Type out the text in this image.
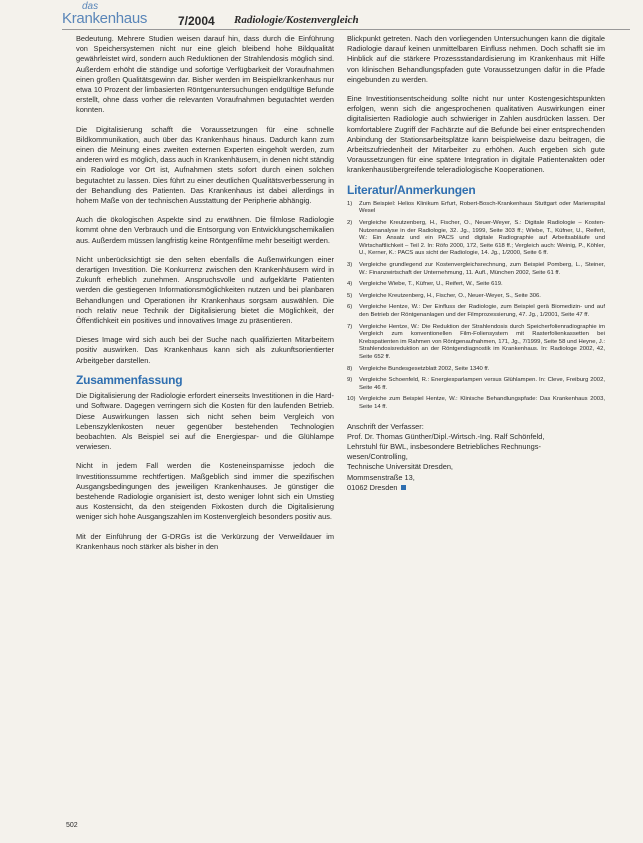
das
Krankenhaus	7/2004 Radiologie/Kostenvergleich

Bedeutung. Mehrere Studien weisen darauf hin, dass durch die Einführung von Speichersystemen nicht nur eine gleich bleibend hohe Bildqualität gewährleistet wird, sondern auch Reduktionen der Strahlendosis möglich sind. Außerdem erhöht die ständige und sofortige Verfügbarkeit der Voraufnahmen einen großen Qualitätsgewinn dar. Bisher werden im Beispielkrankenhaus nur etwa 10 Prozent der limbasierten Röntgenuntersuchungen endgültige Befunde erstellt, ohne dass vorher die relevanten Voraufnahmen begutachtet werden konnten.

Die Digitalisierung schafft die Voraussetzungen für eine schnelle Bildkommunikation, auch über das Krankenhaus hinaus. Dadurch kann zum einen die Meinung eines zweiten externen Experten eingeholt werden, zum anderen wird es möglich, dass auch in Krankenhäusern, in denen nicht ständig ein Radiologe vor Ort ist, Aufnahmen stets sofort durch einen solchen begutachtet zu lassen. Dies führt zu einer deutlichen Qualitätsverbesserung in der Behandlung des Patienten. Das Krankenhaus ist dabei allerdings in hohem Maße von der technischen Ausstattung der Peripherie abhängig.

Auch die ökologischen Aspekte sind zu erwähnen. Die filmlose Radiologie kommt ohne den Verbrauch und die Entsorgung von Entwicklungschemikalien aus. Außerdem müssen langfristig keine Röntgenfilme mehr beseitigt werden.

Nicht unberücksichtigt sie den selten ebenfalls die Außenwirkungen einer derartigen Investition. Die Konkurrenz zwischen den Krankenhäusern wird in Zukunft erheblich zunehmen. Anspruchsvolle und aufgeklärte Patienten werden die gestiegenen Informationsmöglichkeiten nutzen und bei planbaren Behandlungen und Operationen ihr Krankenhaus sorgsam auswählen. Die noch relativ neue Technik der Digitalisierung bietet die Möglichkeit, der Öffentlichkeit ein positives und innovatives Image zu präsentieren.

Dieses Image wird sich auch bei der Suche nach qualifizierten Mitarbeitern positiv auswirken. Das Krankenhaus kann sich als zukunftsorientierter Arbeitgeber darstellen.

Zusammenfassung

Die Digitalisierung der Radiologie erfordert einerseits Investitionen in die Hard- und Software. Dagegen verringern sich die Kosten für den laufenden Betrieb. Diese Auswirkungen lassen sich nicht sehen beim Vergleich von Lebenszyklenkosten neuer gegenüber bestehenden Technologien beobachten. Als Beispiel sei auf die Energiespar- und die Glühlampe verwiesen.

Nicht in jedem Fall werden die Kosteneinsparnisse jedoch die Investitionssumme rechtfertigen. Maßgeblich sind immer die spezifischen Ausgangsbedingungen des jeweiligen Krankenhauses. Je günstiger die bestehende Radiologie organisiert ist, desto weniger lohnt sich ein Umstieg aus Kostensicht, da den steigenden Fixkosten durch die Digitalisierung weniger sich hohe Ausgangszahlen im Kostenvergleich besonders positiv aus.

Mit der Einführung der G-DRGs ist die Verkürzung der Verweildauer im Krankenhaus noch stärker als bisher in den

Blickpunkt getreten. Nach den vorliegenden Untersuchungen kann die digitale Radiologie darauf keinen unmittelbaren Einfluss nehmen. Doch schafft sie im Hinblick auf die stärkere Prozessstandardisierung im Krankenhaus mit Hilfe von klinischen Behandlungspfaden gute Voraussetzungen dafür in die Pfade eingebunden zu werden.

Eine Investitionsentscheidung sollte nicht nur unter Kostengesichtspunkten erfolgen, wenn sich die angesprochenen qualitativen Auswirkungen einer digitalisierten Radiologie auch schwieriger in Zahlen ausdrücken lassen. Der komfortablere Zugriff der Fachärzte auf die Befunde bei einer entsprechenden Anbindung der Stationsarbeitsplätze kann beispielweise dazu beitragen, die Arbeitszufriedenheit der Mitarbeiter zu erhöhen. Auch ergeben sich gute Voraussetzungen für eine spätere Integration in digitale Patientenakten oder krankenhausübergreifende teleradiologische Kooperationen.

Literatur/Anmerkungen
1)	Zum Beispiel: Helios Klinikum Erfurt, Robert-Bosch-Krankenhaus Stuttgart oder Marienspital Wesel
2)	Vergleiche Kreutzenberg, H., Fischer, O., Neuer-Weyer, S.: Digitale Radiologie – Kosten-Nutzenanalyse in der Radiologie, 32. Jg., 1999, Seite 303 ff.; Wiebe, T., Küfner, U., Reifert, W.: Ein Ansatz und ein PACS und digitale Radiographie auf Arbeitsabläufe und Wirtschaftlichkeit – Teil 2. In: Röfo 2000, 172, Seite 618 ff.; Vergleich auch: Weinig, P., Köhler, U., Kerner, K.: PACS aus sicht der Radiologie, 14. Jg., 1/2000, Seite 6 ff.
3)	Vergleiche grundlegend zur Kostenvergleichsrechnung, zum Beispiel Pomberg, L., Steiner, W.: Finanzwirtschaft der Unternehmung, 11. Aufl., München 2002, Seite 61 ff.
4)	Vergleiche Wiebe, T., Küfner, U., Reifert, W., Seite 619.
5)	Vergleiche Kreutzenberg, H., Fischer, O., Neuer-Weyer, S., Seite 306.
6)	Vergleiche Hentze, W.: Der Einfluss der Radiologie, zum Beispiel gerä Biomedizin- und auf den Betrieb der Röntgenanlagen und der Filmprozessierung, 47. Jg., 1/2001, Seite 47 ff.
7)	Vergleiche Hentze, W.: Die Reduktion der Strahlendosis durch Speicherfolienradiographie im Vergleich zum konventionellen Film-Foliensystem mit Rasterfolienkassetten bei Krebspatienten im Rahmen von Röntgenaufnahmen, 171, Jg., 7/1999, Seite 58 und Heyne, J.: Strahlendosisreduktion an der Röntgendiagnostik im Krankenhaus. In: Radiologe 2002, 42, Seite 652 ff.
8)	Vergleiche Bundesgesetzblatt 2002, Seite 1340 ff.
9)	Vergleiche Schoenfeld, R.: Energiesparlampen versus Glühlampen. In: Cleve, Freiburg 2002, Seite 46 ff.
10) Vergleiche zum Beispiel Hentze, W.: Klinische Behandlungspfade: Das Krankenhaus 2003, Seite 14 ff.
Anschrift der Verfasser:
Prof. Dr. Thomas Günther/Dipl.-Wirtsch.-Ing. Ralf Schönfeld,
Lehrstuhl für BWL, insbesondere Betriebliches Rechnungs-
wesen/Controlling,
Technische Universität Dresden,
Mommsenstraße 13,
01062 Dresden
502
